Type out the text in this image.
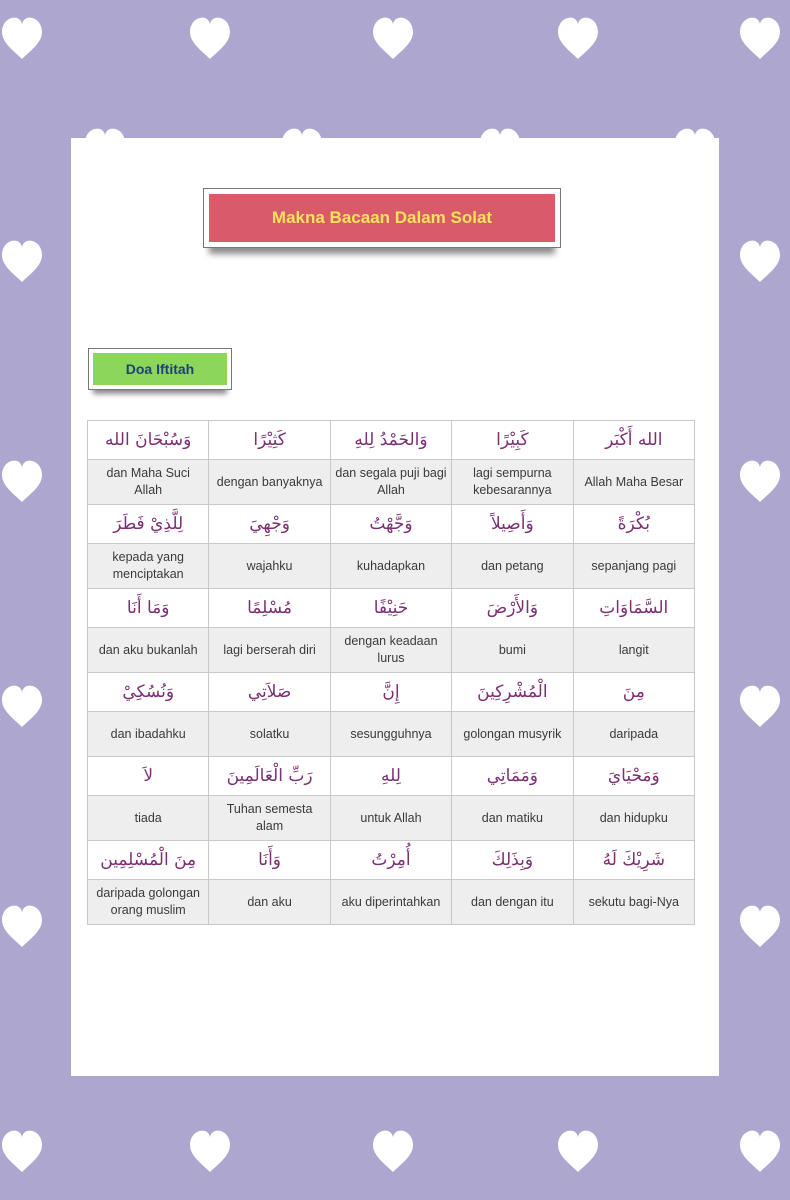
Makna Bacaan Dalam Solat
Doa Iftitah
وَسُبْحَانَ الله	كَثِيْرًا	وَالحَمْدُ لِلهِ	كَبِيْرًا	الله أَكْبَر
dan Maha Suci Allah	dengan banyaknya	dan segala puji bagi Allah	lagi sempurna kebesarannya	Allah Maha Besar
لِلَّذِيْ فَطَرَ	وَجْهِيَ	وَجَّهْتُ	وَأَصِيلاً	بُكْرَةً
kepada yang menciptakan	wajahku	kuhadapkan	dan petang	sepanjang pagi
وَمَا أَنَا	مُسْلِمًا	حَنِيْفًا	وَالأَرْضَ	السَّمَاوَاتِ
dan aku bukanlah	lagi berserah diri	dengan keadaan lurus	bumi	langit
وَنُسُكِيْ	صَلاَتِي	إِنَّ	الْمُشْرِكِينَ	مِنَ
dan ibadahku	solatku	sesungguhnya	golongan musyrik	daripada
لاَ	رَبِّ الْعَالَمِينَ	لِلهِ	وَمَمَاتِي	وَمَحْيَايَ
tiada	Tuhan semesta alam	untuk Allah	dan matiku	dan hidupku
مِنَ الْمُسْلِمِين	وَأَنَا	أُمِرْتُ	وَبِذَلِكَ	شَرِيْكَ لَهُ
daripada golongan orang muslim	dan aku	aku diperintahkan	dan dengan itu	sekutu bagi-Nya
